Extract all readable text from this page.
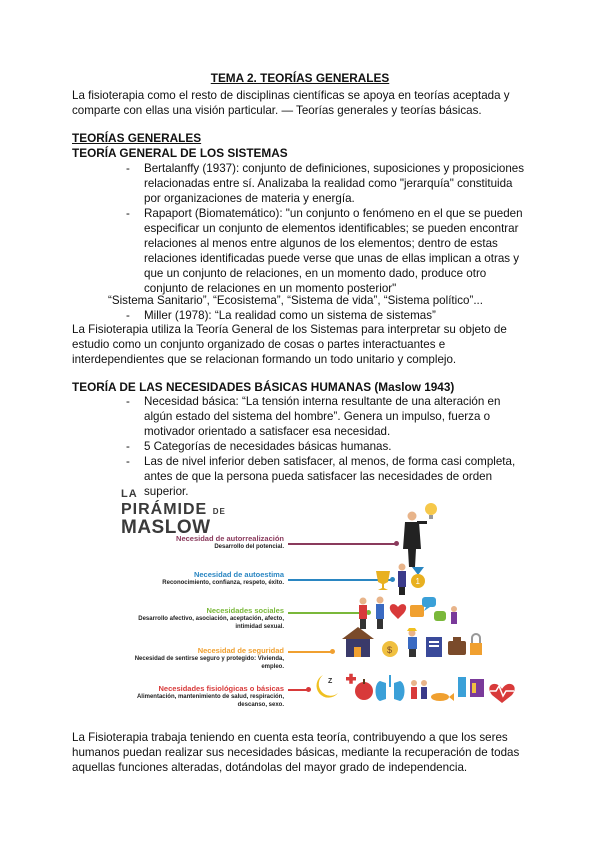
TEMA 2. TEORÍAS GENERALES
La fisioterapia como el resto de disciplinas científicas se apoya en teorías aceptada y comparte con ellas una visión particular. — Teorías generales y teorías básicas.
TEORÍAS GENERALES
TEORÍA GENERAL DE LOS SISTEMAS
- Bertalanffy (1937): conjunto de definiciones, suposiciones y proposiciones relacionadas entre sí. Analizaba la realidad como "jerarquía" constituida por organizaciones de materia y energía.
- Rapaport (Biomatemático): "un conjunto o fenómeno en el que se pueden especificar un conjunto de elementos identificables; se pueden encontrar relaciones al menos entre algunos de los elementos; dentro de estas relaciones identificadas puede verse que unas de ellas implican a otras y que un conjunto de relaciones, en un momento dado, produce otro conjunto de relaciones en un momento posterior"
“Sistema Sanitario”, “Ecosistema”, “Sistema de vida”, “Sistema político”...
- Miller (1978): “La realidad como un sistema de sistemas”
La Fisioterapia utiliza la Teoría General de los Sistemas para interpretar su objeto de estudio como un conjunto organizado de cosas o partes interactuantes e interdependientes que se relacionan formando un todo unitario y complejo.
TEORÍA DE LAS NECESIDADES BÁSICAS HUMANAS (Maslow 1943)
- Necesidad básica: “La tensión interna resultante de una alteración en algún estado del sistema del hombre”. Genera un impulso, fuerza o motivador orientado a satisfacer esa necesidad.
- 5 Categorías de necesidades básicas humanas.
- Las de nivel inferior deben satisfacer, al menos, de forma casi completa, antes de que la persona pueda satisfacer las necesidades de orden superior.
LA
PIRÁMIDE DE
MASLOW
Necesidad de autorrealización
Desarrollo del potencial.
Necesidad de autoestima
Reconocimiento, confianza, respeto, éxito.
Necesidades sociales
Desarrollo afectivo, asociación, aceptación, afecto, intimidad sexual.
Necesidad de seguridad
Necesidad de sentirse seguro y protegido: Vivienda, empleo.
Necesidades fisiológicas o básicas
Alimentación, mantenimiento de salud, respiración, descanso, sexo.
1
$
Z
La Fisioterapia trabaja teniendo en cuenta esta teoría, contribuyendo a que los seres humanos puedan realizar sus necesidades básicas, mediante la recuperación de todas aquellas funciones alteradas, dotándolas del mayor grado de independencia.
